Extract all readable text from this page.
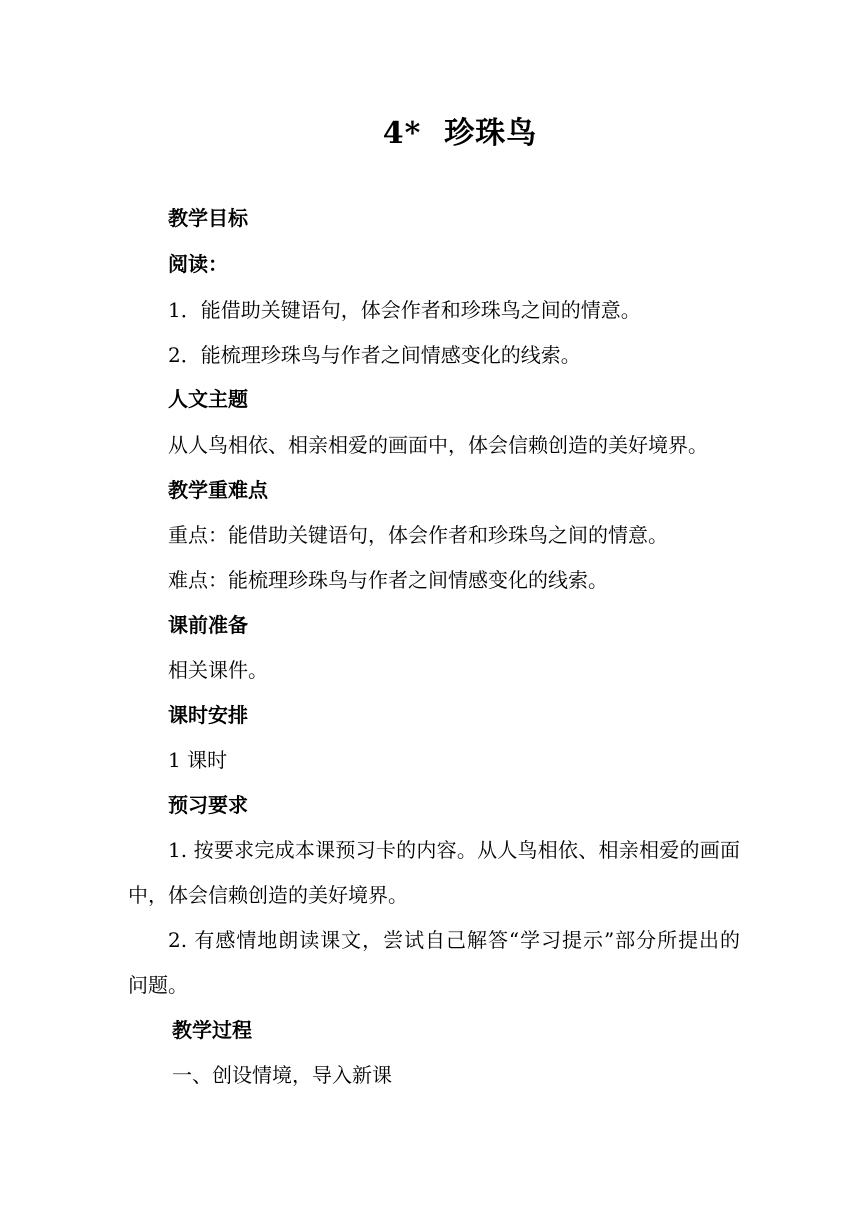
4*  珍珠鸟
教学目标
阅读：
1．能借助关键语句，体会作者和珍珠鸟之间的情意。
2．能梳理珍珠鸟与作者之间情感变化的线索。
人文主题
从人鸟相依、相亲相爱的画面中，体会信赖创造的美好境界。
教学重难点
重点：能借助关键语句，体会作者和珍珠鸟之间的情意。
难点：能梳理珍珠鸟与作者之间情感变化的线索。
课前准备
相关课件。
课时安排
1 课时
预习要求
1. 按要求完成本课预习卡的内容。从人鸟相依、相亲相爱的画面
中，体会信赖创造的美好境界。
2. 有感情地朗读课文，尝试自己解答“学习提示”部分所提出的
问题。
教学过程
一、创设情境，导入新课
